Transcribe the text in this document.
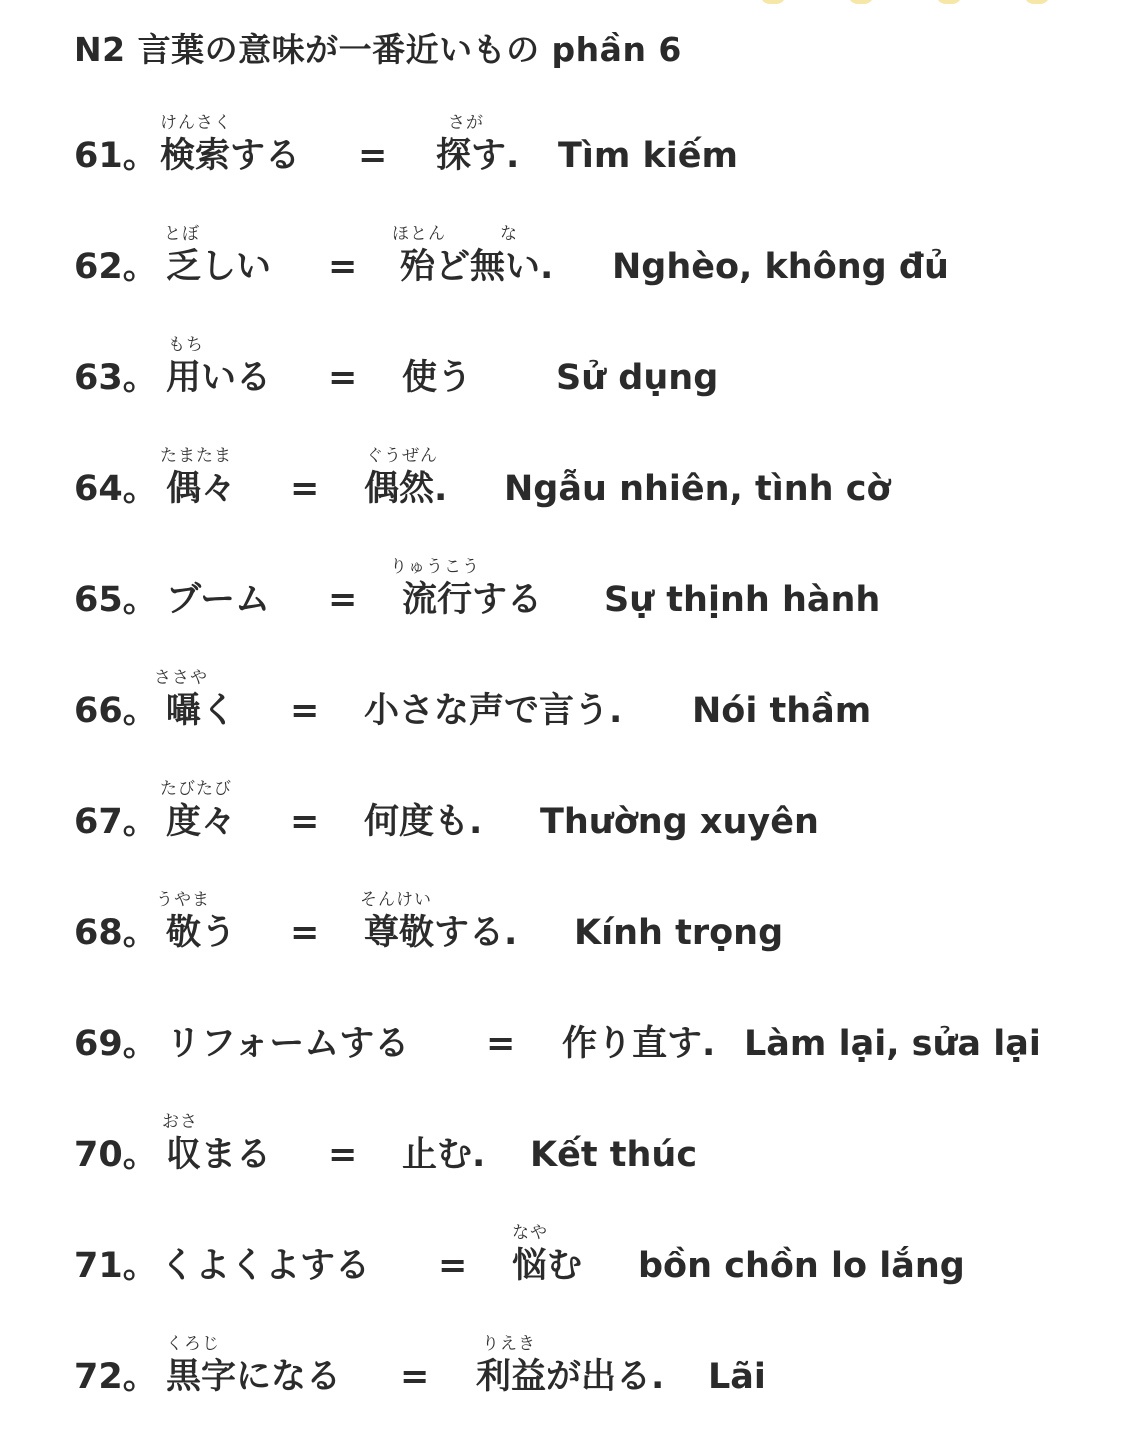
N2 言葉の意味が一番近いもの phần 6
61。
けんさく
検索する =
さが
探す. Tìm kiếm
62。
とぼ
乏しい =
ほとん	な
殆ど無い. Nghèo, không đủ
63。
もち
用いる = 使う Sử dụng
64。
たまたま
偶々 =
ぐうぜん
偶然. Ngẫu nhiên, tình cờ
65。 ブーム =
りゅうこう
流行する Sự thịnh hành
66。
ささや
囁く = 小さな声で言う. Nói thầm
67。
たびたび
度々 = 何度も. Thường xuyên
68。
うやま
敬う =
そんけい
尊敬する. Kính trọng
69。 リフォームする = 作り直す. Làm lại, sửa lại
70。
おさ
収まる = 止む. Kết thúc
71。 くよくよする =
なや
悩む bồn chồn lo lắng
72。
くろじ
黒字になる =
りえき
利益が出る. Lãi
